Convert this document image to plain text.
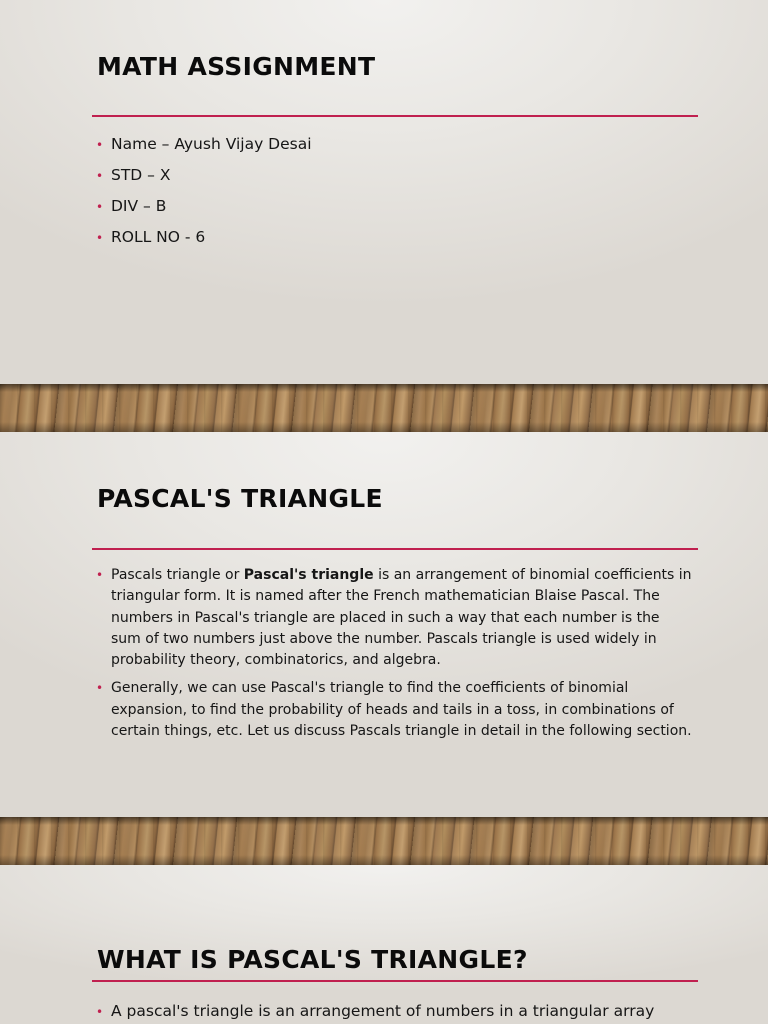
MATH ASSIGNMENT
• Name – Ayush Vijay Desai
• STD – X
• DIV – B
• ROLL NO - 6
PASCAL'S TRIANGLE
• Pascals triangle or Pascal's triangle is an arrangement of binomial coefficients in triangular form. It is named after the French mathematician Blaise Pascal. The numbers in Pascal's triangle are placed in such a way that each number is the sum of two numbers just above the number. Pascals triangle is used widely in probability theory, combinatorics, and algebra.
• Generally, we can use Pascal's triangle to find the coefficients of binomial expansion, to find the probability of heads and tails in a toss, in combinations of certain things, etc. Let us discuss Pascals triangle in detail in the following section.
WHAT IS PASCAL'S TRIANGLE?
• A pascal's triangle is an arrangement of numbers in a triangular array
